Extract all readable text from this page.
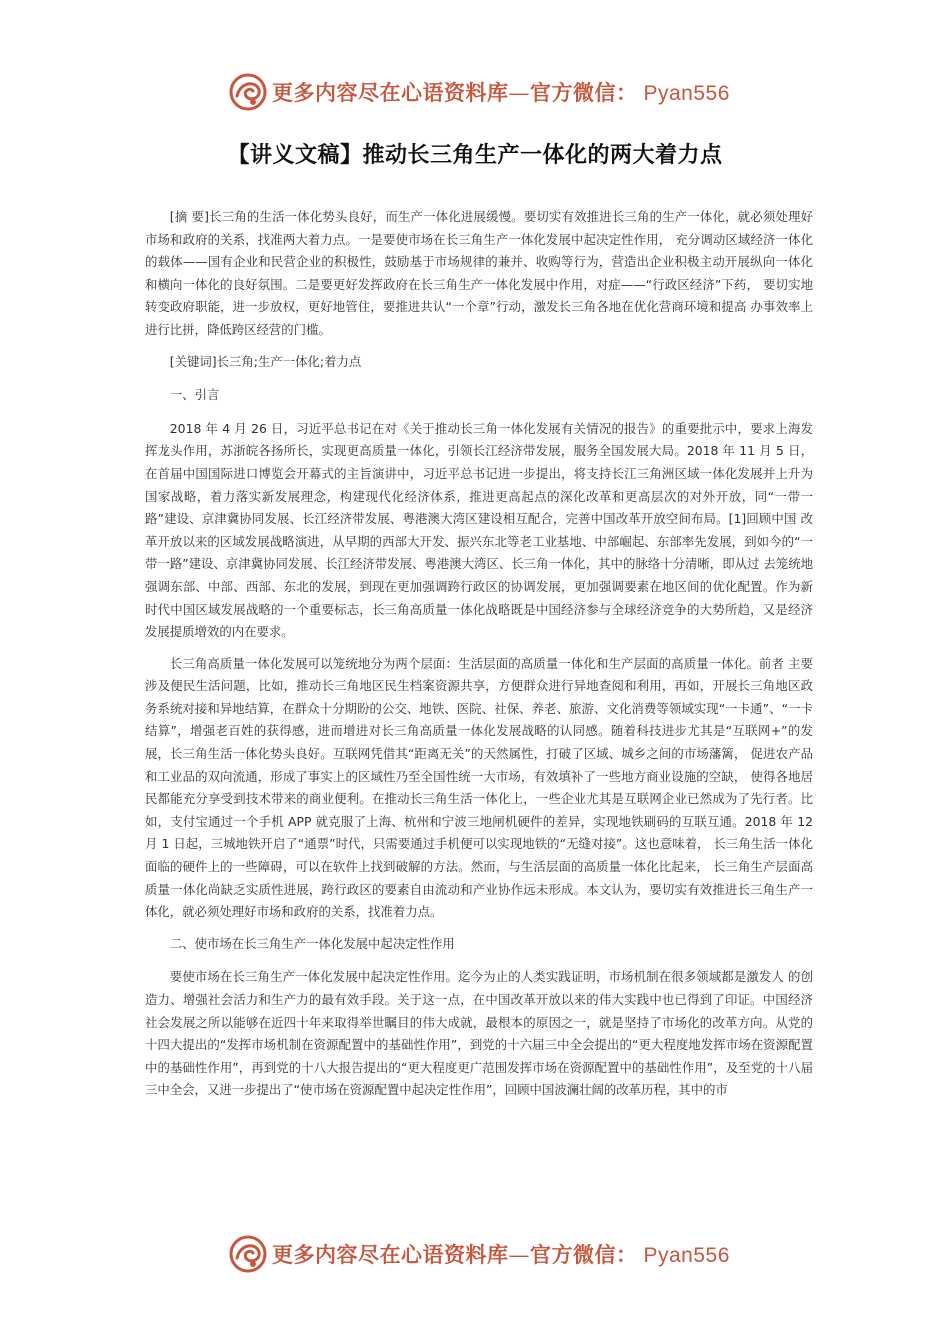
更多内容尽在心语资料库—官方微信： Pyan556
【讲义文稿】推动长三角生产一体化的两大着力点

[摘 要]长三角的生活一体化势头良好，而生产一体化进展缓慢。要切实有效推进长三角的生产一体化，就必须处理好市场和政府的关系，找准两大着力点。一是要使市场在长三角生产一体化发展中起决定性作用， 充分调动区域经济一体化的载体——国有企业和民营企业的积极性，鼓励基于市场规律的兼并、收购等行为，营造出企业积极主动开展纵向一体化和横向一体化的良好氛围。二是要更好发挥政府在长三角生产一体化发展中作用，对症——“行政区经济”下药， 要切实地转变政府职能，进一步放权，更好地管住，要推进共认“一个章”行动，激发长三角各地在优化营商环境和提高 办事效率上进行比拼，降低跨区经营的门槛。

[关键词]长三角;生产一体化;着力点

一、引言

2018 年 4 月 26 日，习近平总书记在对《关于推动长三角一体化发展有关情况的报告》的重要批示中，要求上海发挥龙头作用，苏浙皖各扬所长，实现更高质量一体化，引领长江经济带发展，服务全国发展大局。2018 年 11 月 5 日， 在首届中国国际进口博览会开幕式的主旨演讲中，习近平总书记进一步提出，将支持长江三角洲区域一体化发展并上升为国家战略，着力落实新发展理念，构建现代化经济体系，推进更高起点的深化改革和更高层次的对外开放，同“一带一路”建设、京津冀协同发展、长江经济带发展、粤港澳大湾区建设相互配合，完善中国改革开放空间布局。[1]回顾中国 改革开放以来的区域发展战略演进，从早期的西部大开发、振兴东北等老工业基地、中部崛起、东部率先发展，到如今的“一带一路”建设、京津冀协同发展、长江经济带发展、粤港澳大湾区、长三角一体化，其中的脉络十分清晰，即从过 去笼统地强调东部、中部、西部、东北的发展，到现在更加强调跨行政区的协调发展，更加强调要素在地区间的优化配置。作为新时代中国区域发展战略的一个重要标志，长三角高质量一体化战略既是中国经济参与全球经济竞争的大势所趋，又是经济发展提质增效的内在要求。

长三角高质量一体化发展可以笼统地分为两个层面：生活层面的高质量一体化和生产层面的高质量一体化。前者 主要涉及便民生活问题，比如，推动长三角地区民生档案资源共享，方便群众进行异地查阅和利用，再如，开展长三角地区政务系统对接和异地结算，在群众十分期盼的公交、地铁、医院、社保、养老、旅游、文化消费等领域实现“一卡通”、“一卡结算”，增强老百姓的获得感，进而增进对长三角高质量一体化发展战略的认同感。随着科技进步尤其是“互联网+”的发展，长三角生活一体化势头良好。互联网凭借其“距离无关”的天然属性，打破了区域、城乡之间的市场藩篱， 促进农产品和工业品的双向流通，形成了事实上的区域性乃至全国性统一大市场，有效填补了一些地方商业设施的空缺， 使得各地居民都能充分享受到技术带来的商业便利。在推动长三角生活一体化上，一些企业尤其是互联网企业已然成为了先行者。比如，支付宝通过一个手机 APP 就克服了上海、杭州和宁波三地闸机硬件的差异，实现地铁刷码的互联互通。2018 年 12 月 1 日起，三城地铁开启了“通票”时代，只需要通过手机便可以实现地铁的“无缝对接”。这也意味着， 长三角生活一体化面临的硬件上的一些障碍，可以在软件上找到破解的方法。然而，与生活层面的高质量一体化比起来， 长三角生产层面高质量一体化尚缺乏实质性进展，跨行政区的要素自由流动和产业协作远未形成。本文认为，要切实有效推进长三角生产一体化，就必须处理好市场和政府的关系，找准着力点。

二、使市场在长三角生产一体化发展中起决定性作用

要使市场在长三角生产一体化发展中起决定性作用。迄今为止的人类实践证明，市场机制在很多领域都是激发人 的创造力、增强社会活力和生产力的最有效手段。关于这一点，在中国改革开放以来的伟大实践中也已得到了印证。中国经济社会发展之所以能够在近四十年来取得举世瞩目的伟大成就，最根本的原因之一，就是坚持了市场化的改革方向。从党的十四大提出的“发挥市场机制在资源配置中的基础性作用”，到党的十六届三中全会提出的“更大程度地发挥市场在资源配置中的基础性作用”，再到党的十八大报告提出的“更大程度更广范围发挥市场在资源配置中的基础性作用”，及至党的十八届三中全会，又进一步提出了“使市场在资源配置中起决定性作用”，回顾中国波澜壮阔的改革历程，其中的市

更多内容尽在心语资料库—官方微信： Pyan556
